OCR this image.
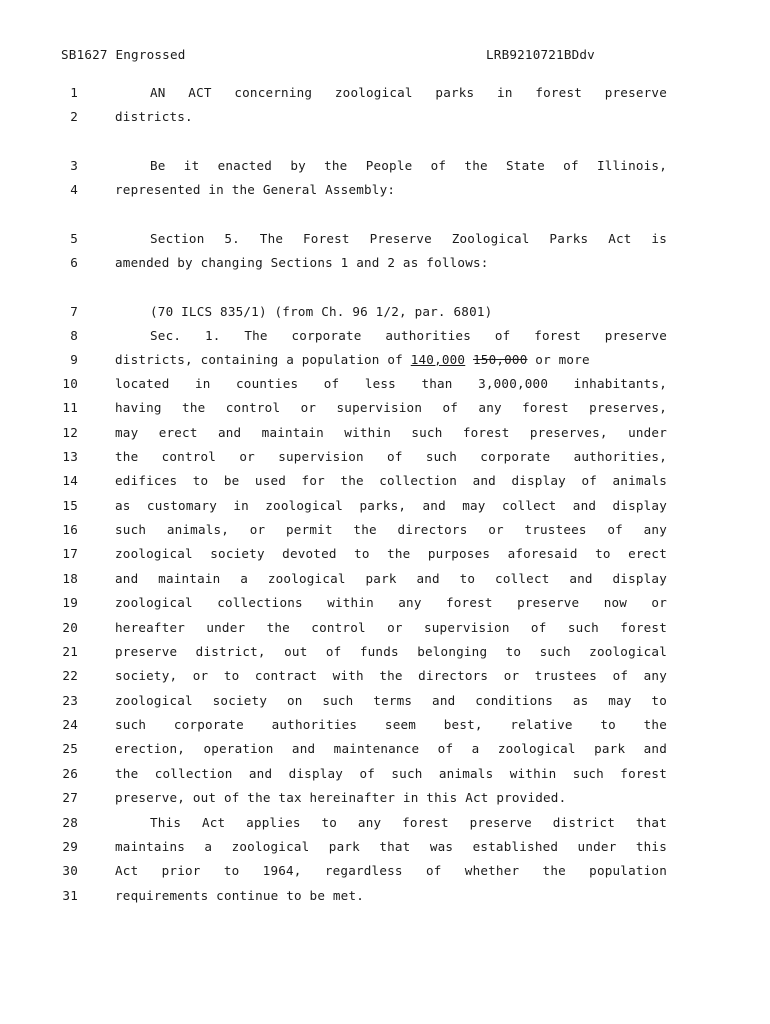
SB1627 Engrossed	LRB9210721BDdv
1	AN ACT concerning zoological parks in forest preserve
2	districts.
3	Be it enacted by the People of the State of Illinois,
4	represented in the General Assembly:
5	Section 5. The Forest Preserve Zoological Parks Act is
6	amended by changing Sections 1 and 2 as follows:
7	(70 ILCS 835/1) (from Ch. 96 1/2, par. 6801)
8	Sec. 1. The corporate authorities of forest preserve
9	districts, containing a population of 140,000 150,000 or more
10	located in counties of less than 3,000,000 inhabitants,
11	having the control or supervision of any forest preserves,
12	may erect and maintain within such forest preserves, under
13	the control or supervision of such corporate authorities,
14	edifices to be used for the collection and display of animals
15	as customary in zoological parks, and may collect and display
16	such animals, or permit the directors or trustees of any
17	zoological society devoted to the purposes aforesaid to erect
18	and maintain a zoological park and to collect and display
19	zoological collections within any forest preserve now or
20	hereafter under the control or supervision of such forest
21	preserve district, out of funds belonging to such zoological
22	society, or to contract with the directors or trustees of any
23	zoological society on such terms and conditions as may to
24	such corporate authorities seem best, relative to the
25	erection, operation and maintenance of a zoological park and
26	the collection and display of such animals within such forest
27	preserve, out of the tax hereinafter in this Act provided.
28	This Act applies to any forest preserve district that
29	maintains a zoological park that was established under this
30	Act prior to 1964, regardless of whether the population
31	requirements continue to be met.
